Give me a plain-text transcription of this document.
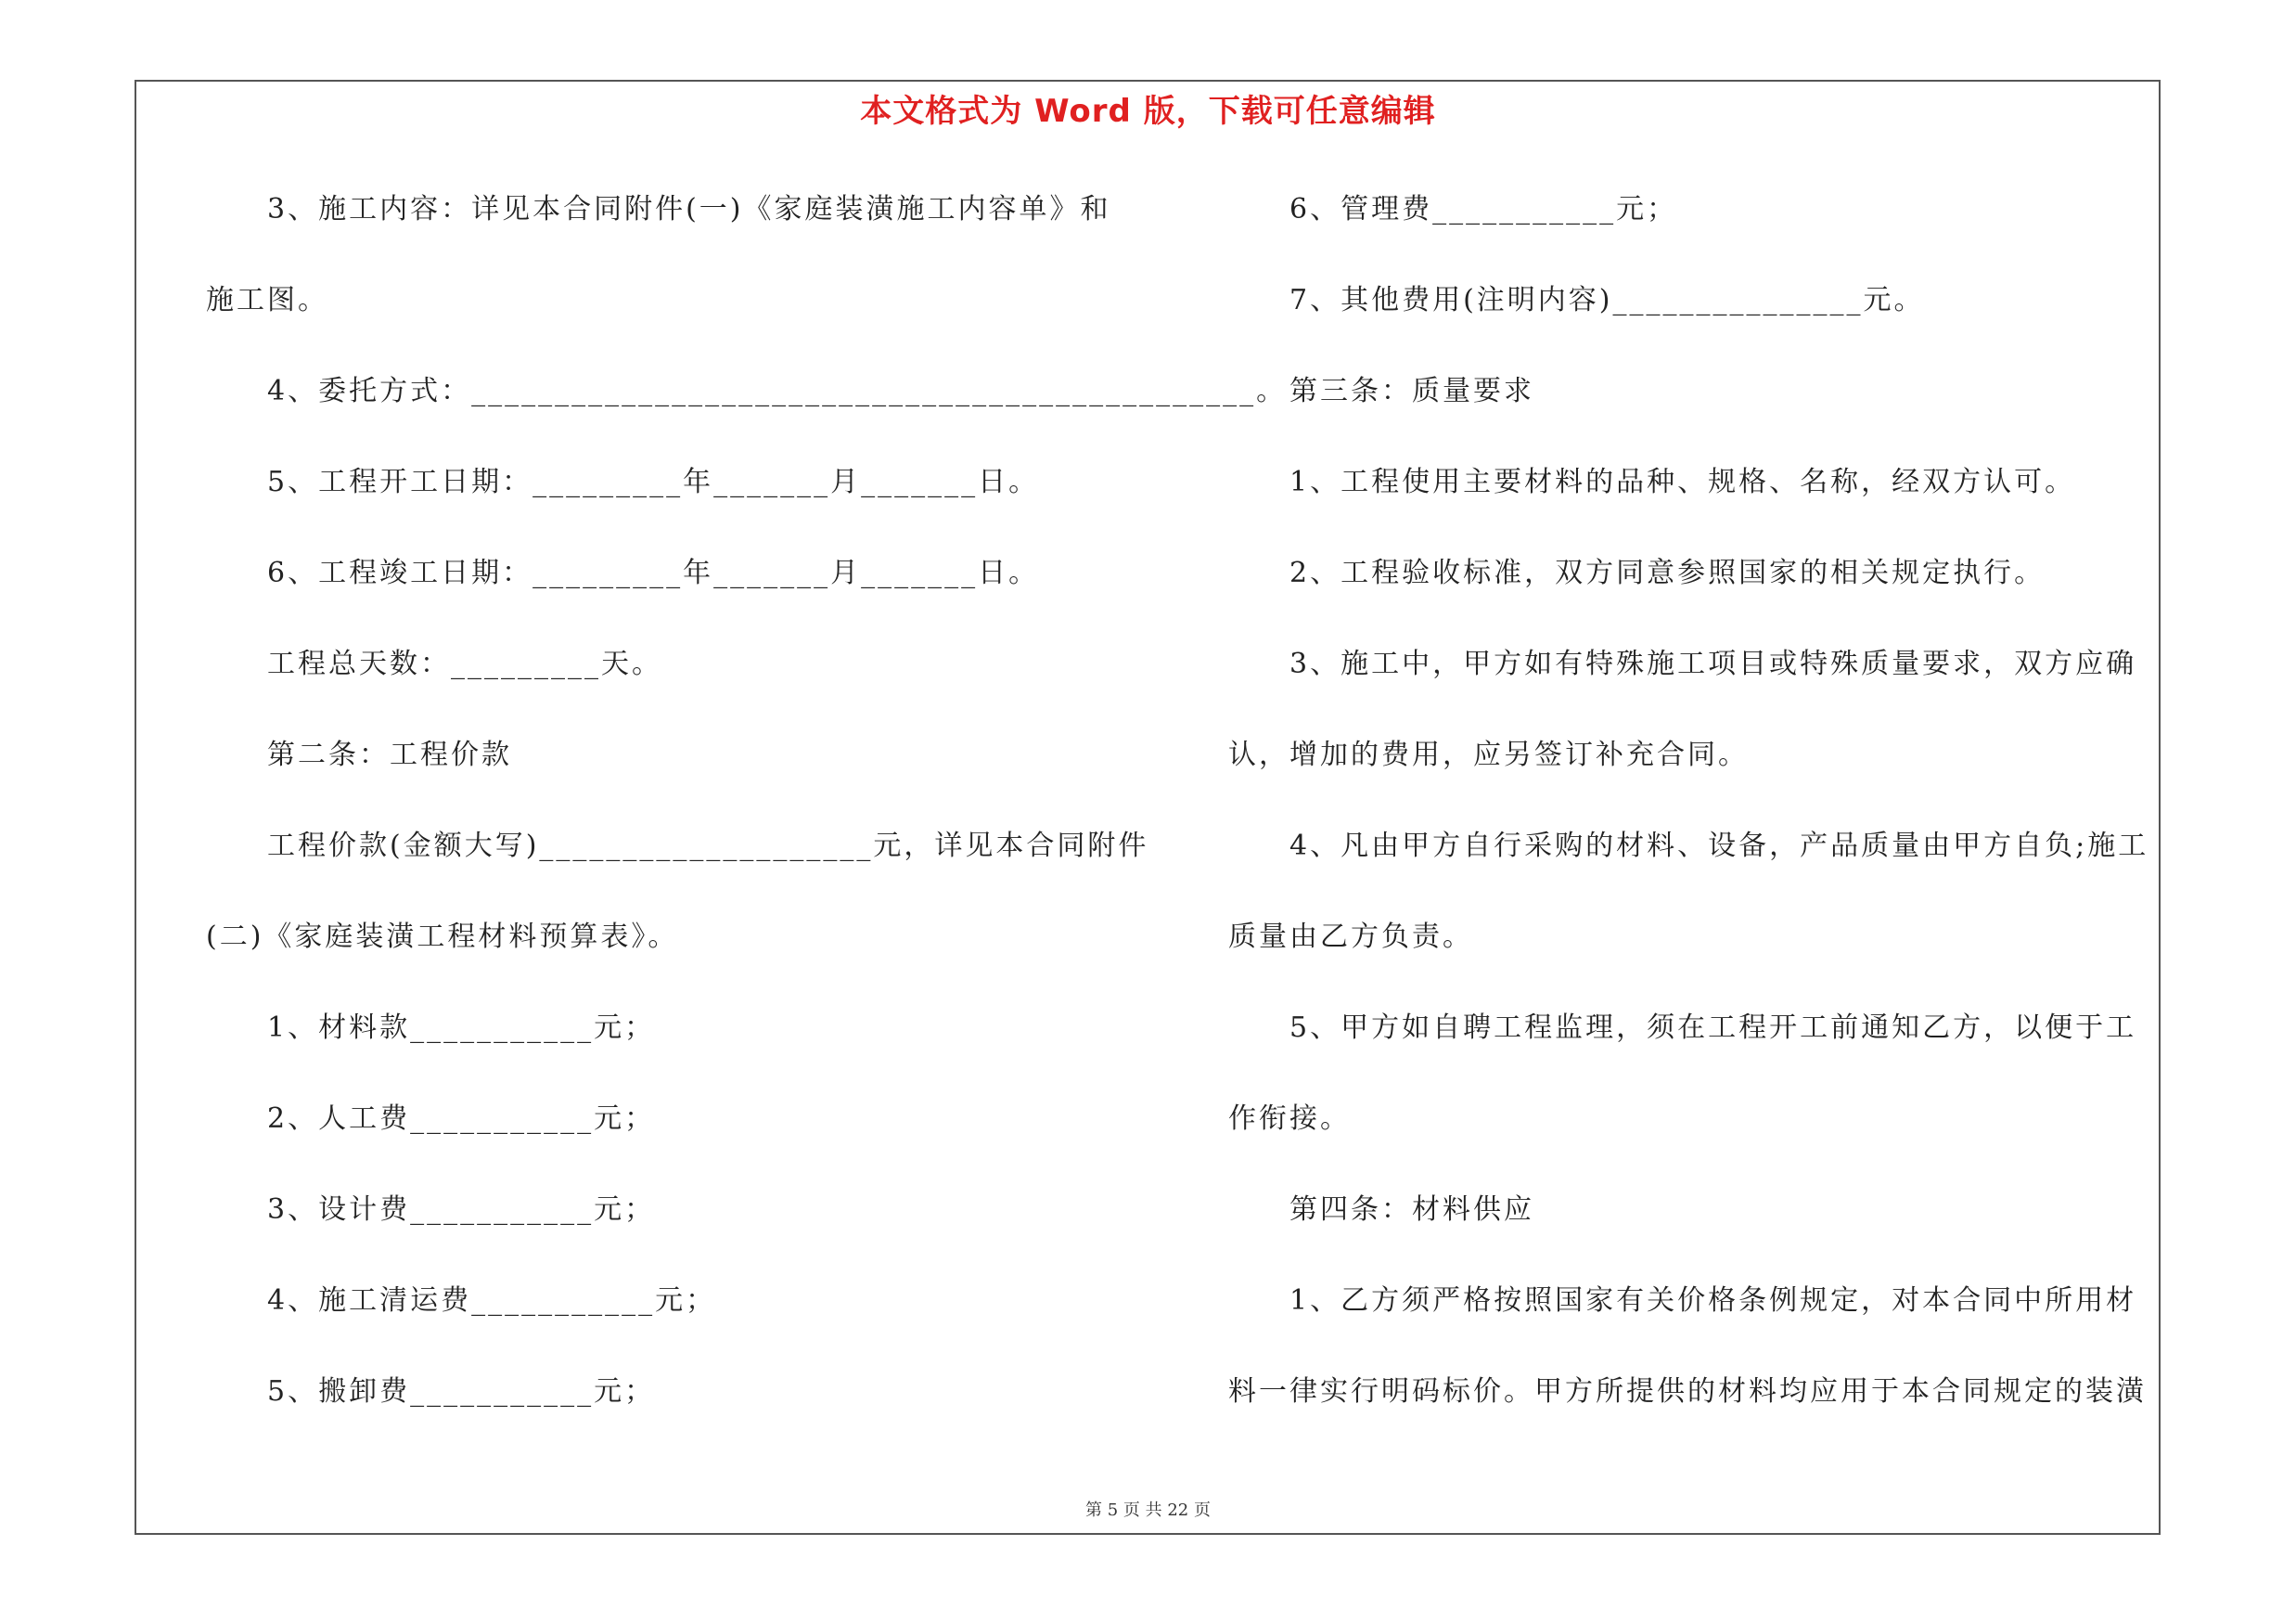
本文格式为 Word 版，下载可任意编辑
3、施工内容：详见本合同附件(一)《家庭装潢施工内容单》和
施工图。
4、委托方式：_______________________________________________。
5、工程开工日期：_________年_______月_______日。
6、工程竣工日期：_________年_______月_______日。
工程总天数：_________天。
第二条：工程价款
工程价款(金额大写)____________________元，详见本合同附件
(二)《家庭装潢工程材料预算表》。
1、材料款___________元；
2、人工费___________元；
3、设计费___________元；
4、施工清运费___________元；
5、搬卸费___________元；
6、管理费___________元；
7、其他费用(注明内容)_______________元。
第三条：质量要求
1、工程使用主要材料的品种、规格、名称，经双方认可。
2、工程验收标准，双方同意参照国家的相关规定执行。
3、施工中，甲方如有特殊施工项目或特殊质量要求，双方应确
认，增加的费用，应另签订补充合同。
4、凡由甲方自行采购的材料、设备，产品质量由甲方自负;施工
质量由乙方负责。
5、甲方如自聘工程监理，须在工程开工前通知乙方，以便于工
作衔接。
第四条：材料供应
1、乙方须严格按照国家有关价格条例规定，对本合同中所用材
料一律实行明码标价。甲方所提供的材料均应用于本合同规定的装潢
第 5 页 共 22 页
